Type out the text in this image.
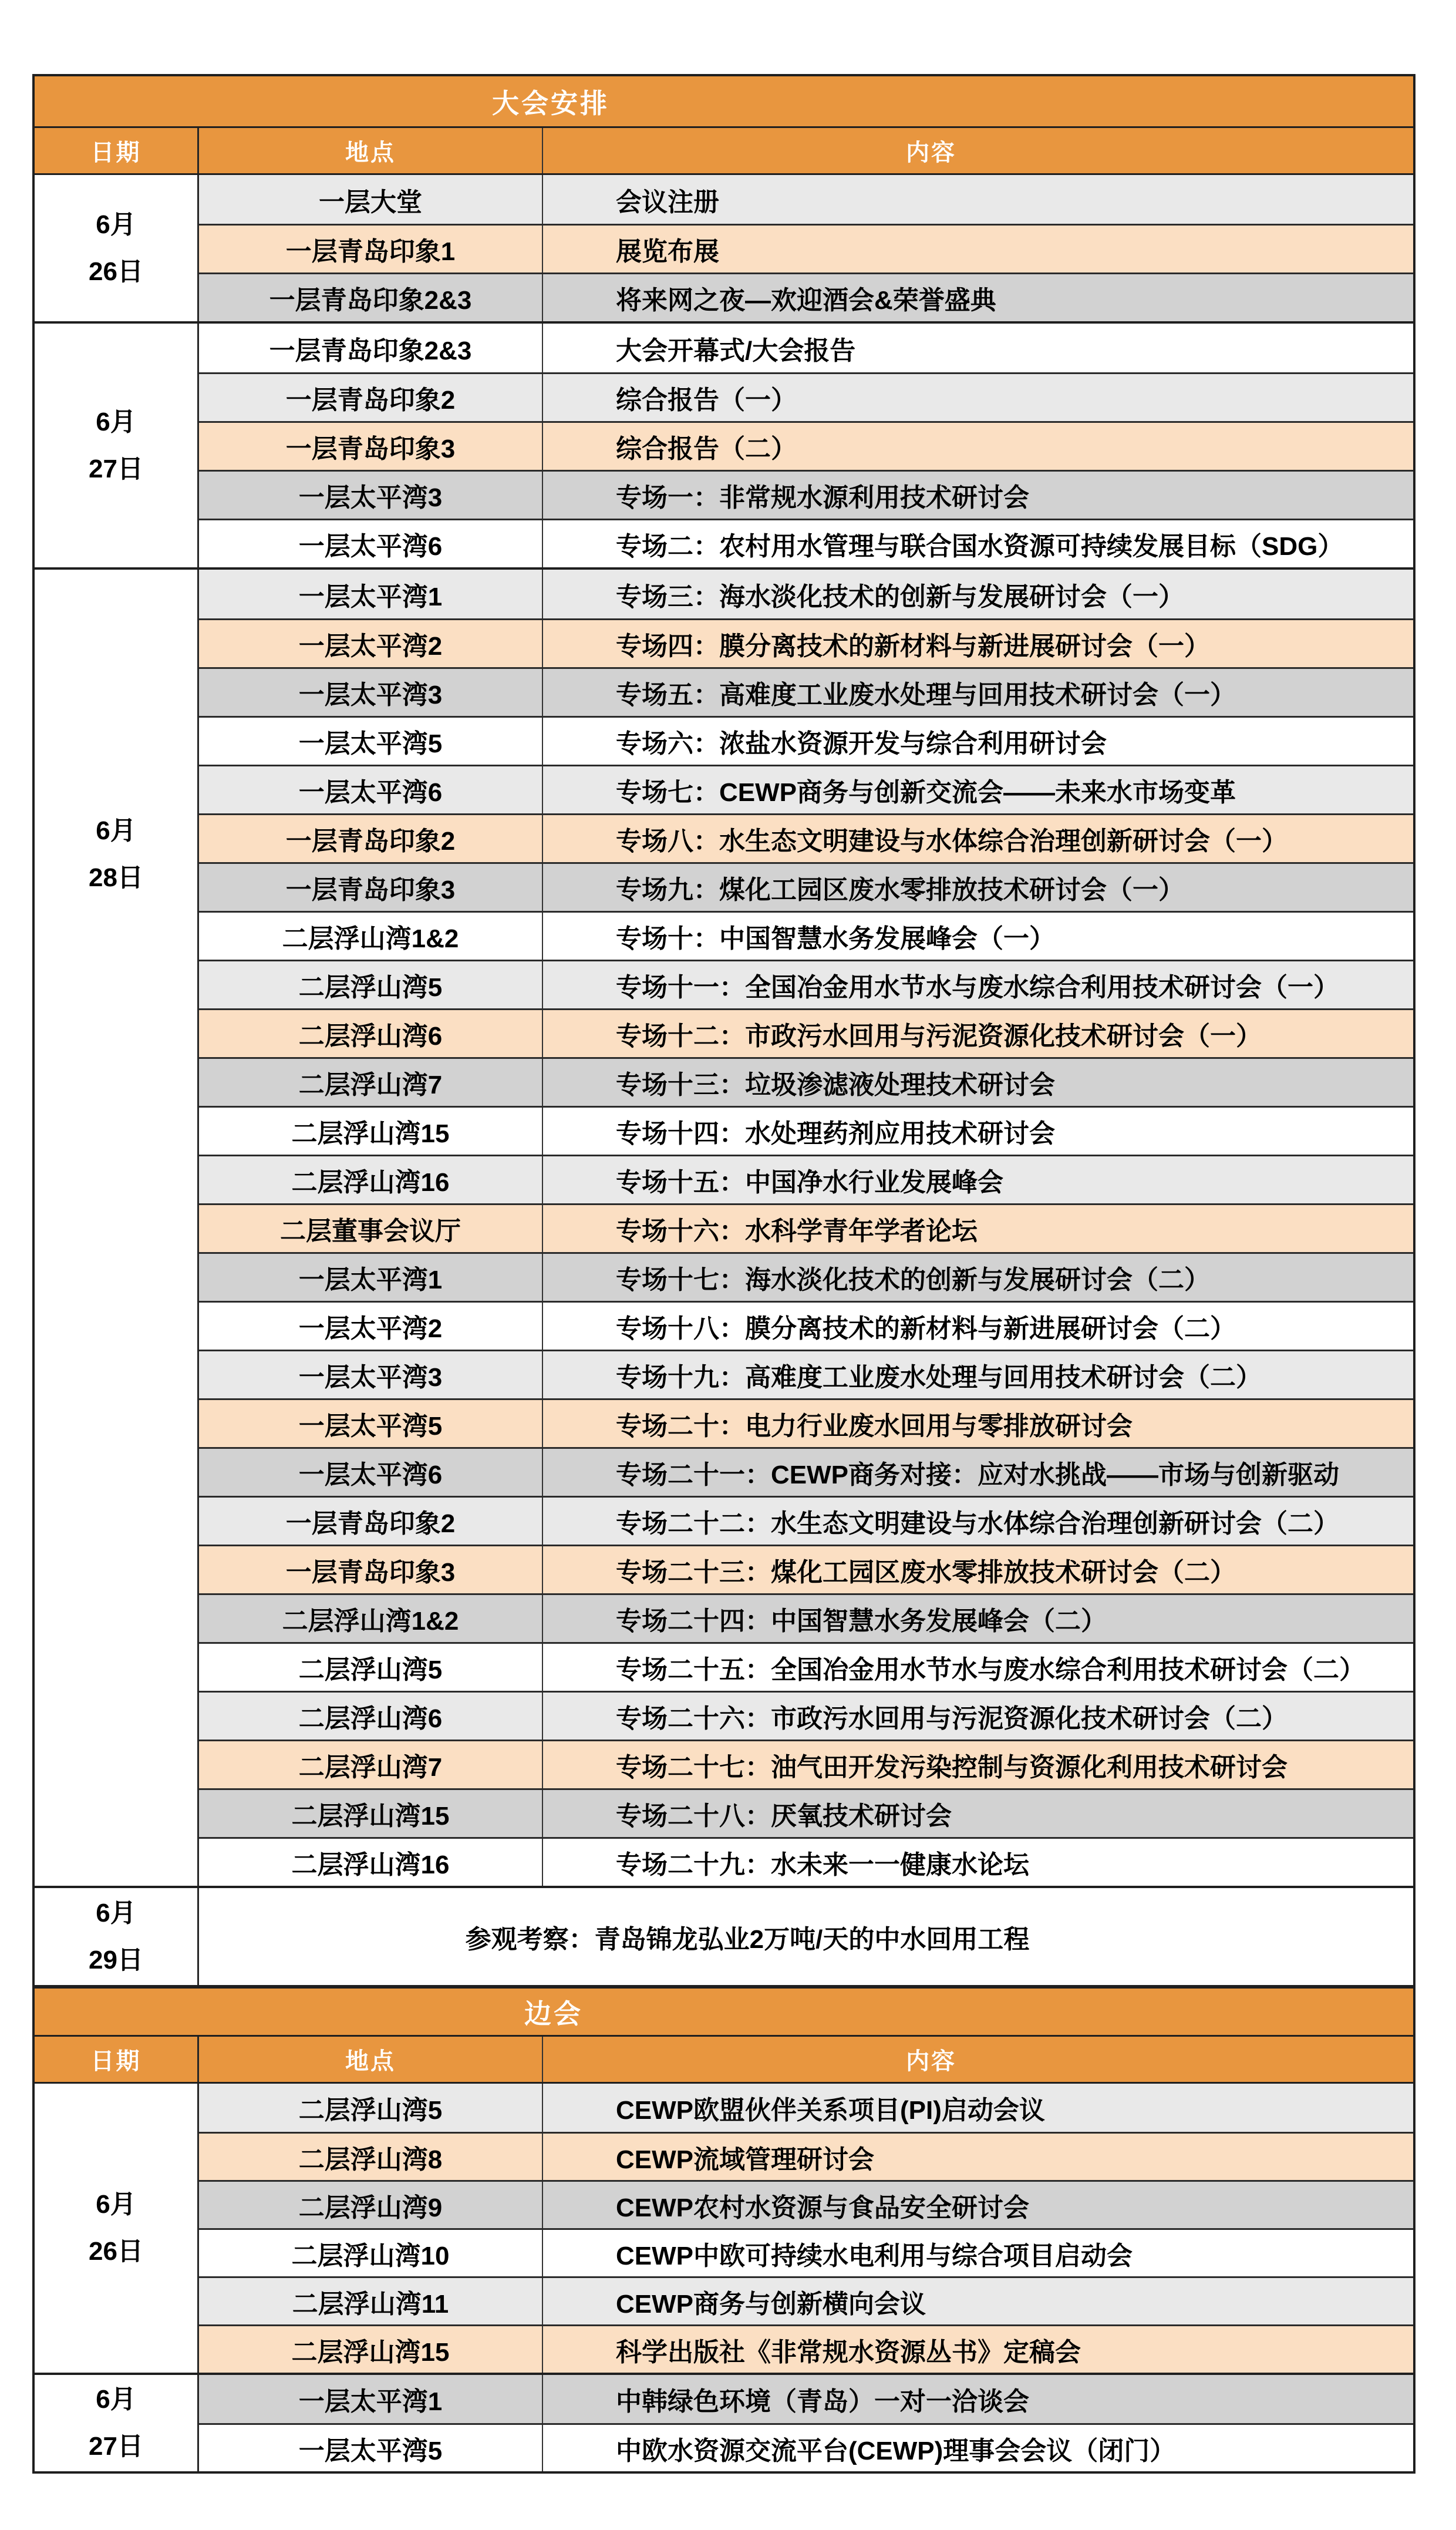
大会安排
日期	地点	内容
6月
26日
一层大堂	会议注册
一层青岛印象1	展览布展
一层青岛印象2&3	将来网之夜—欢迎酒会&荣誉盛典
6月
27日
一层青岛印象2&3	大会开幕式/大会报告
一层青岛印象2	综合报告（一）
一层青岛印象3	综合报告（二）
一层太平湾3	专场一：非常规水源利用技术研讨会
一层太平湾6	专场二：农村用水管理与联合国水资源可持续发展目标（SDG）
6月
28日
一层太平湾1	专场三：海水淡化技术的创新与发展研讨会（一）
一层太平湾2	专场四：膜分离技术的新材料与新进展研讨会（一）
一层太平湾3	专场五：高难度工业废水处理与回用技术研讨会（一）
一层太平湾5	专场六：浓盐水资源开发与综合利用研讨会
一层太平湾6	专场七：CEWP商务与创新交流会——未来水市场变革
一层青岛印象2	专场八：水生态文明建设与水体综合治理创新研讨会（一）
一层青岛印象3	专场九：煤化工园区废水零排放技术研讨会（一）
二层浮山湾1&2	专场十：中国智慧水务发展峰会（一）
二层浮山湾5	专场十一：全国冶金用水节水与废水综合利用技术研讨会（一）
二层浮山湾6	专场十二：市政污水回用与污泥资源化技术研讨会（一）
二层浮山湾7	专场十三：垃圾渗滤液处理技术研讨会
二层浮山湾15	专场十四：水处理药剂应用技术研讨会
二层浮山湾16	专场十五：中国净水行业发展峰会
二层董事会议厅	专场十六：水科学青年学者论坛
一层太平湾1	专场十七：海水淡化技术的创新与发展研讨会（二）
一层太平湾2	专场十八：膜分离技术的新材料与新进展研讨会（二）
一层太平湾3	专场十九：高难度工业废水处理与回用技术研讨会（二）
一层太平湾5	专场二十：电力行业废水回用与零排放研讨会
一层太平湾6	专场二十一：CEWP商务对接：应对水挑战——市场与创新驱动
一层青岛印象2	专场二十二：水生态文明建设与水体综合治理创新研讨会（二）
一层青岛印象3	专场二十三：煤化工园区废水零排放技术研讨会（二）
二层浮山湾1&2	专场二十四：中国智慧水务发展峰会（二）
二层浮山湾5	专场二十五：全国冶金用水节水与废水综合利用技术研讨会（二）
二层浮山湾6	专场二十六：市政污水回用与污泥资源化技术研讨会（二）
二层浮山湾7	专场二十七：油气田开发污染控制与资源化利用技术研讨会
二层浮山湾15	专场二十八：厌氧技术研讨会
二层浮山湾16	专场二十九：水未来一一健康水论坛
6月
29日
参观考察：青岛锦龙弘业2万吨/天的中水回用工程
边会
日期	地点	内容
6月
26日
二层浮山湾5	CEWP欧盟伙伴关系项目(PI)启动会议
二层浮山湾8	CEWP流域管理研讨会
二层浮山湾9	CEWP农村水资源与食品安全研讨会
二层浮山湾10	CEWP中欧可持续水电利用与综合项目启动会
二层浮山湾11	CEWP商务与创新横向会议
二层浮山湾15	科学出版社《非常规水资源丛书》定稿会
6月
27日
一层太平湾1	中韩绿色环境（青岛）一对一洽谈会
一层太平湾5	中欧水资源交流平台(CEWP)理事会会议（闭门）
